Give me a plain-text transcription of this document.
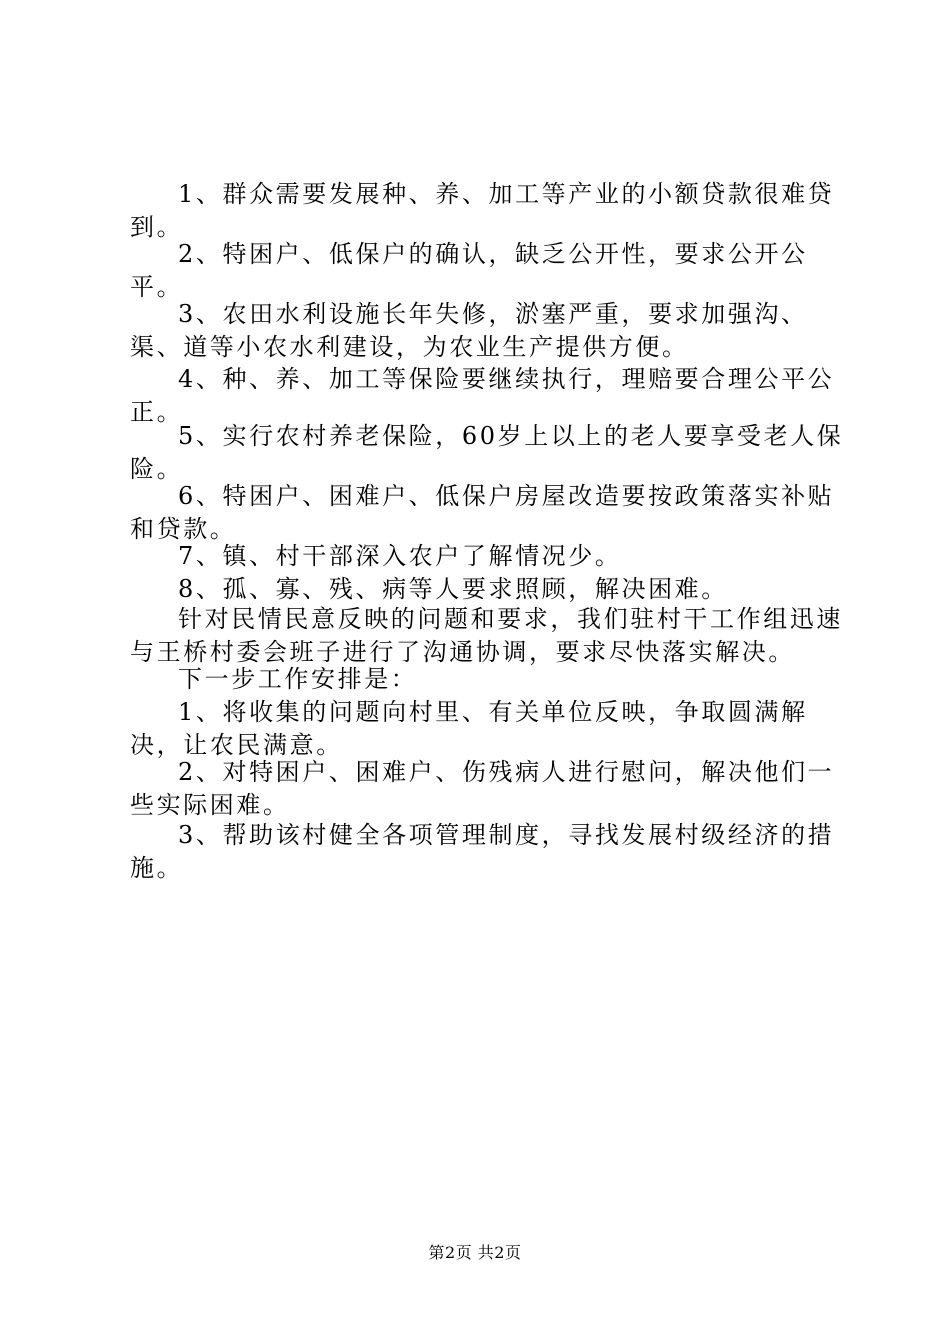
1、群众需要发展种、养、加工等产业的小额贷款很难贷到。

2、特困户、低保户的确认，缺乏公开性，要求公开公平。

3、农田水利设施长年失修，淤塞严重，要求加强沟、渠、道等小农水利建设，为农业生产提供方便。

4、种、养、加工等保险要继续执行，理赔要合理公平公正。

5、实行农村养老保险，60岁上以上的老人要享受老人保险。

6、特困户、困难户、低保户房屋改造要按政策落实补贴和贷款。

7、镇、村干部深入农户了解情况少。

8、孤、寡、残、病等人要求照顾，解决困难。

针对民情民意反映的问题和要求，我们驻村干工作组迅速与王桥村委会班子进行了沟通协调，要求尽快落实解决。

下一步工作安排是：

1、将收集的问题向村里、有关单位反映，争取圆满解决，让农民满意。

2、对特困户、困难户、伤残病人进行慰问，解决他们一些实际困难。

3、帮助该村健全各项管理制度，寻找发展村级经济的措施。

第2页 共2页
